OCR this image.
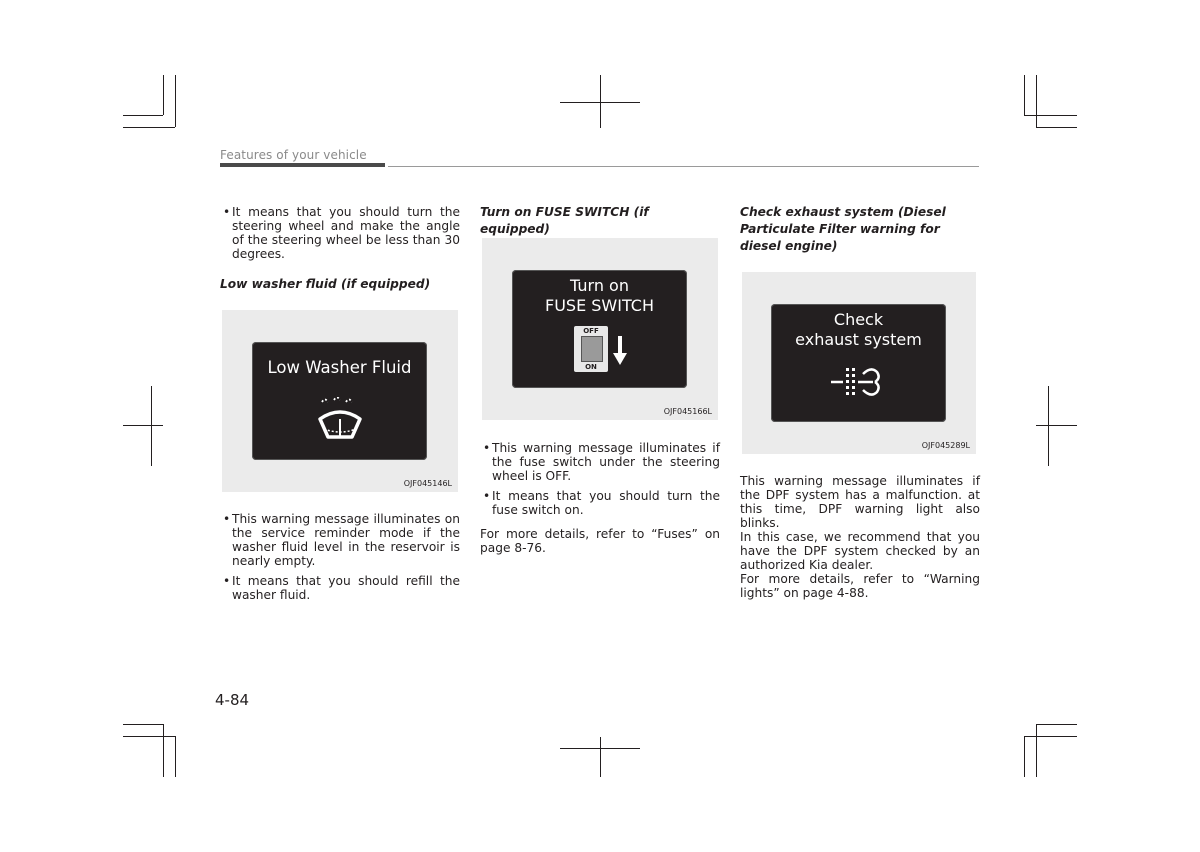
Features of your vehicle
• It means that you should turn the steering wheel and make the angle of the steering wheel be less than 30 degrees.

Low washer fluid (if equipped)

Low Washer Fluid
OJF045146L
• This warning message illuminates on the service reminder mode if the washer fluid level in the reservoir is nearly empty.
• It means that you should refill the washer fluid.

Turn on FUSE SWITCH (if equipped)

Turn on
FUSE SWITCH
OFF
ON
OJF045166L
• This warning message illuminates if the fuse switch under the steering wheel is OFF.
• It means that you should turn the fuse switch on.

For more details, refer to “Fuses” on page 8-76.

Check exhaust system (Diesel Particulate Filter warning for diesel engine)

Check
exhaust system
OJF045289L

This warning message illuminates if the DPF system has a malfunction. at this time, DPF warning light also blinks.

In this case, we recommend that you have the DPF system checked by an authorized Kia dealer.

For more details, refer to “Warning lights” on page 4-88.

4-84
